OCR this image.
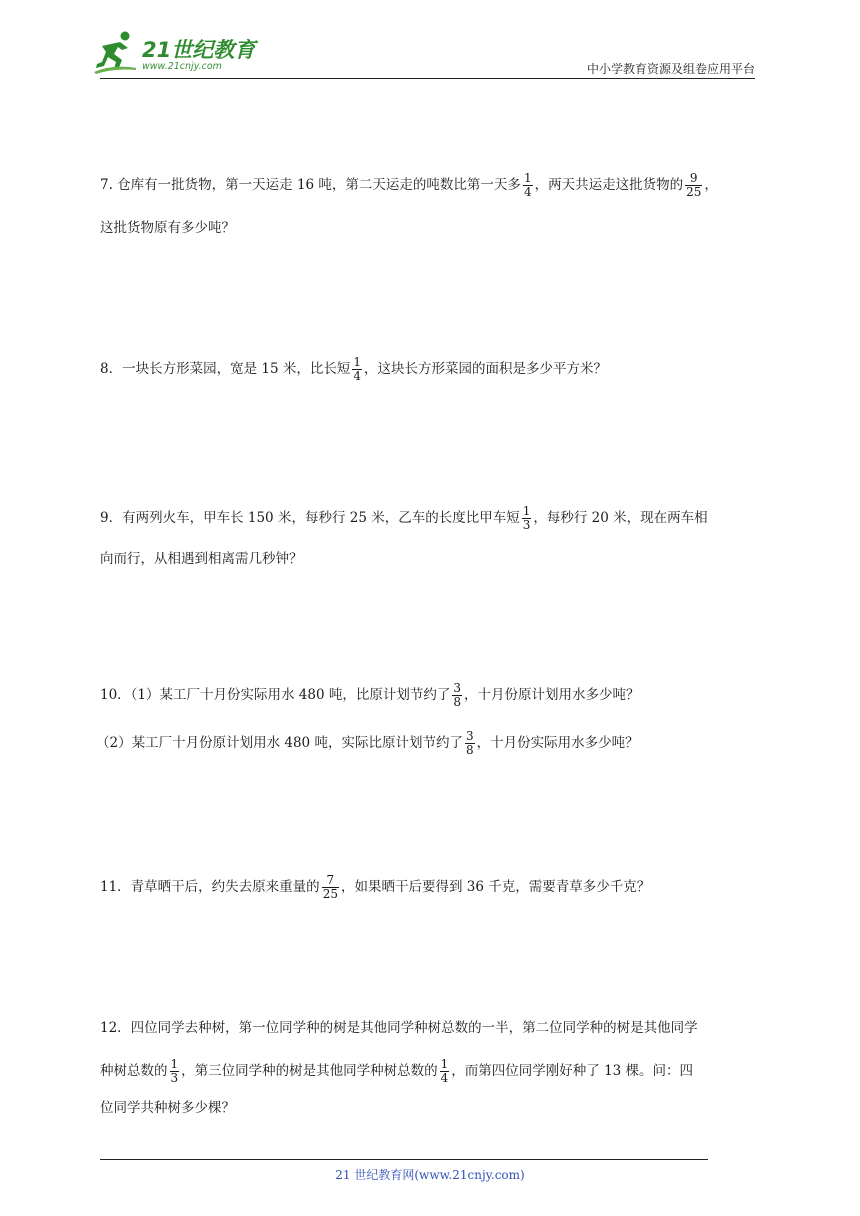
21世纪教育
www.21cnjy.com	中小学教育资源及组卷应用平台
7. 仓库有一批货物，第一天运走 16 吨，第二天运走的吨数比第一天多 $\frac{1}{4}$ ，两天共运走这批货物的 $\frac{9}{25}$ ，
这批货物原有多少吨？
8．一块长方形菜园，宽是 15 米，比长短 $\frac{1}{4}$ ，这块长方形菜园的面积是多少平方米？
9．有两列火车，甲车长 150 米，每秒行 25 米，乙车的长度比甲车短 $\frac{1}{3}$ ，每秒行 20 米，现在两车相
向而行，从相遇到相离需几秒钟？
10．（1）某工厂十月份实际用水 480 吨，比原计划节约了 $\frac{3}{8}$ ，十月份原计划用水多少吨？
（2）某工厂十月份原计划用水 480 吨，实际比原计划节约了 $\frac{3}{8}$ ，十月份实际用水多少吨？
11．青草晒干后，约失去原来重量的 $\frac{7}{25}$ ，如果晒干后要得到 36 千克，需要青草多少千克？
12．四位同学去种树，第一位同学种的树是其他同学种树总数的一半，第二位同学种的树是其他同学
种树总数的 $\frac{1}{3}$ ，第三位同学种的树是其他同学种树总数的 $\frac{1}{4}$ ，而第四位同学刚好种了 13 棵。问：四
位同学共种树多少棵？
21 世纪教育网(www.21cnjy.com)
